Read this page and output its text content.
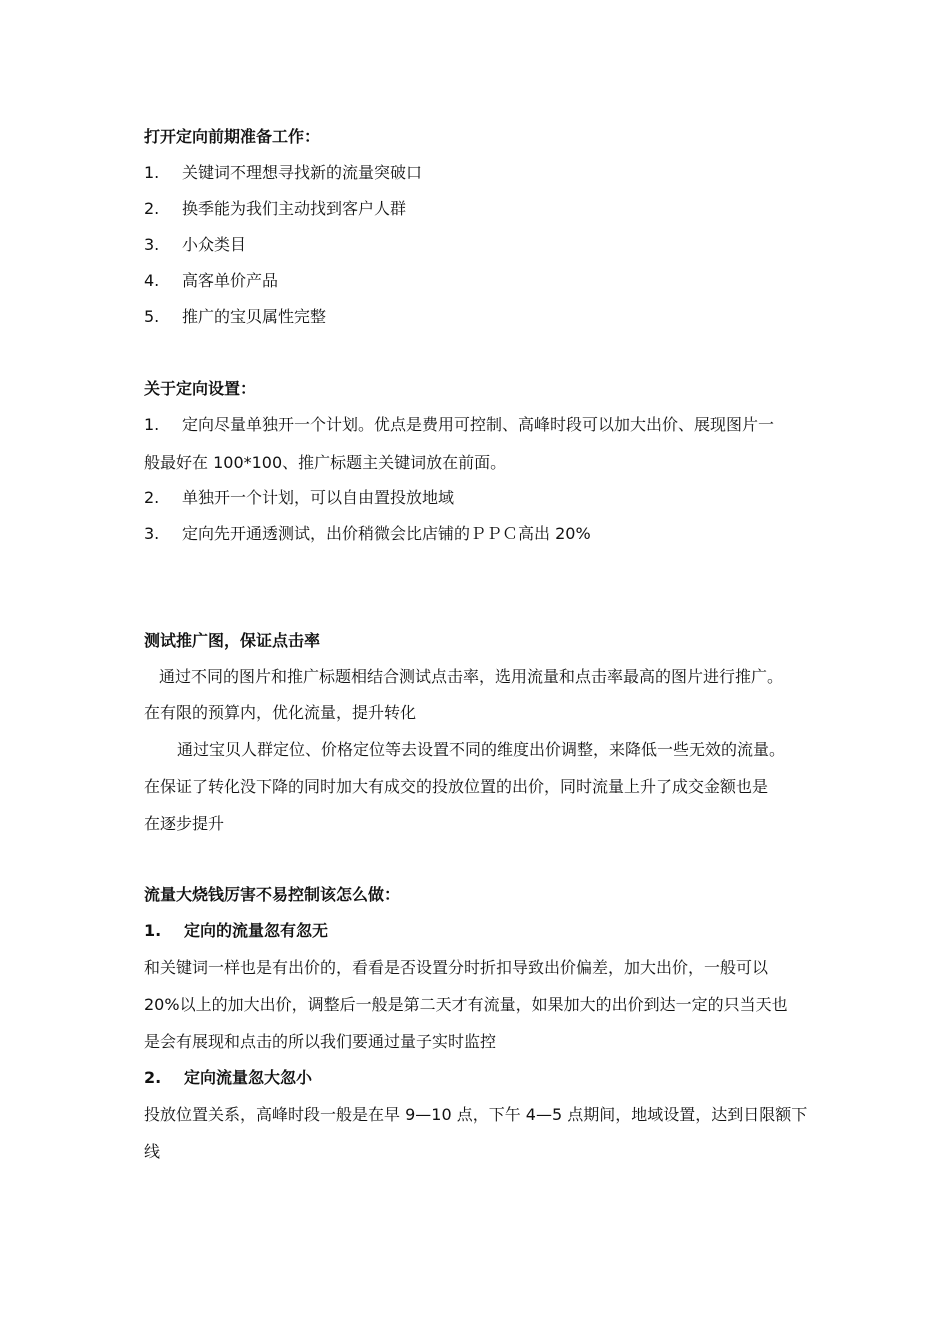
打开定向前期准备工作：
1. 关键词不理想寻找新的流量突破口
2. 换季能为我们主动找到客户人群
3. 小众类目
4. 高客单价产品
5. 推广的宝贝属性完整
关于定向设置：
1. 定向尽量单独开一个计划。优点是费用可控制、高峰时段可以加大出价、展现图片一
般最好在 100*100、推广标题主关键词放在前面。
2. 单独开一个计划，可以自由置投放地域
3. 定向先开通透测试，出价稍微会比店铺的ＰＰＣ高出 20%
测试推广图，保证点击率
通过不同的图片和推广标题相结合测试点击率，选用流量和点击率最高的图片进行推广。
在有限的预算内，优化流量，提升转化
通过宝贝人群定位、价格定位等去设置不同的维度出价调整，来降低一些无效的流量。
在保证了转化没下降的同时加大有成交的投放位置的出价，同时流量上升了成交金额也是
在逐步提升
流量大烧钱厉害不易控制该怎么做：
1. 定向的流量忽有忽无
和关键词一样也是有出价的，看看是否设置分时折扣导致出价偏差，加大出价，一般可以
20%以上的加大出价，调整后一般是第二天才有流量，如果加大的出价到达一定的只当天也
是会有展现和点击的所以我们要通过量子实时监控
2. 定向流量忽大忽小
投放位置关系，高峰时段一般是在早 9—10 点，下午 4—5 点期间，地域设置，达到日限额下
线
